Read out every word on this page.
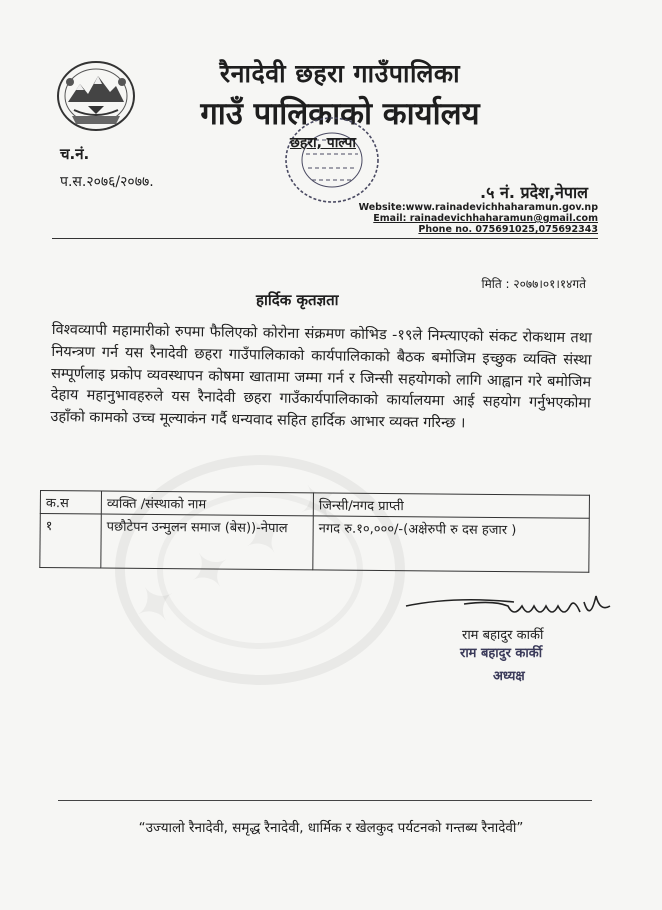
रैनादेवी छहरा गाउँपालिका
गाउँ पालिकाको कार्यालय
छहरा, पाल्पा
च.नं.
प.स.२०७६/२०७७.
.५ नं. प्रदेश,नेपाल
Website:www.rainadevichhaharamun.gov.np
Email: rainadevichhaharamun@gmail.com
Phone no. 075691025,075692343
मिति : २०७७।०१।१४गते
हार्दिक कृतज्ञता
विश्वव्यापी महामारीको रुपमा फैलिएको कोरोना संक्रमण कोभिड -१९ले निम्त्याएको संकट रोकथाम तथा नियन्त्रण गर्न यस रैनादेवी छहरा गाउँपालिकाको कार्यपालिकाको बैठक बमोजिम इच्छुक व्यक्ति संस्था सम्पूर्णलाइ प्रकोप व्यवस्थापन कोषमा खातामा जम्मा गर्न र जिन्सी सहयोगको लागि आह्वान गरे बमोजिम देहाय महानुभावहरुले यस रैनादेवी छहरा गाउँकार्यपालिकाको कार्यालयमा आई सहयोग गर्नुभएकोमा उहाँको कामको उच्च मूल्याकंन गर्दै धन्यवाद सहित हार्दिक आभार व्यक्त गरिन्छ ।
क.स	व्यक्ति /संस्थाको नाम	जिन्सी/नगद प्राप्ती
१	पछौटेपन उन्मुलन समाज (बेस))-नेपाल	नगद रु.१०,०००/-(अक्षेरुपी रु दस हजार )
राम बहादुर कार्की
राम बहादुर कार्की
अध्यक्ष
“उज्यालो रैनादेवी, समृद्ध रैनादेवी, धार्मिक र खेलकुद पर्यटनको गन्तब्य रैनादेवी”
